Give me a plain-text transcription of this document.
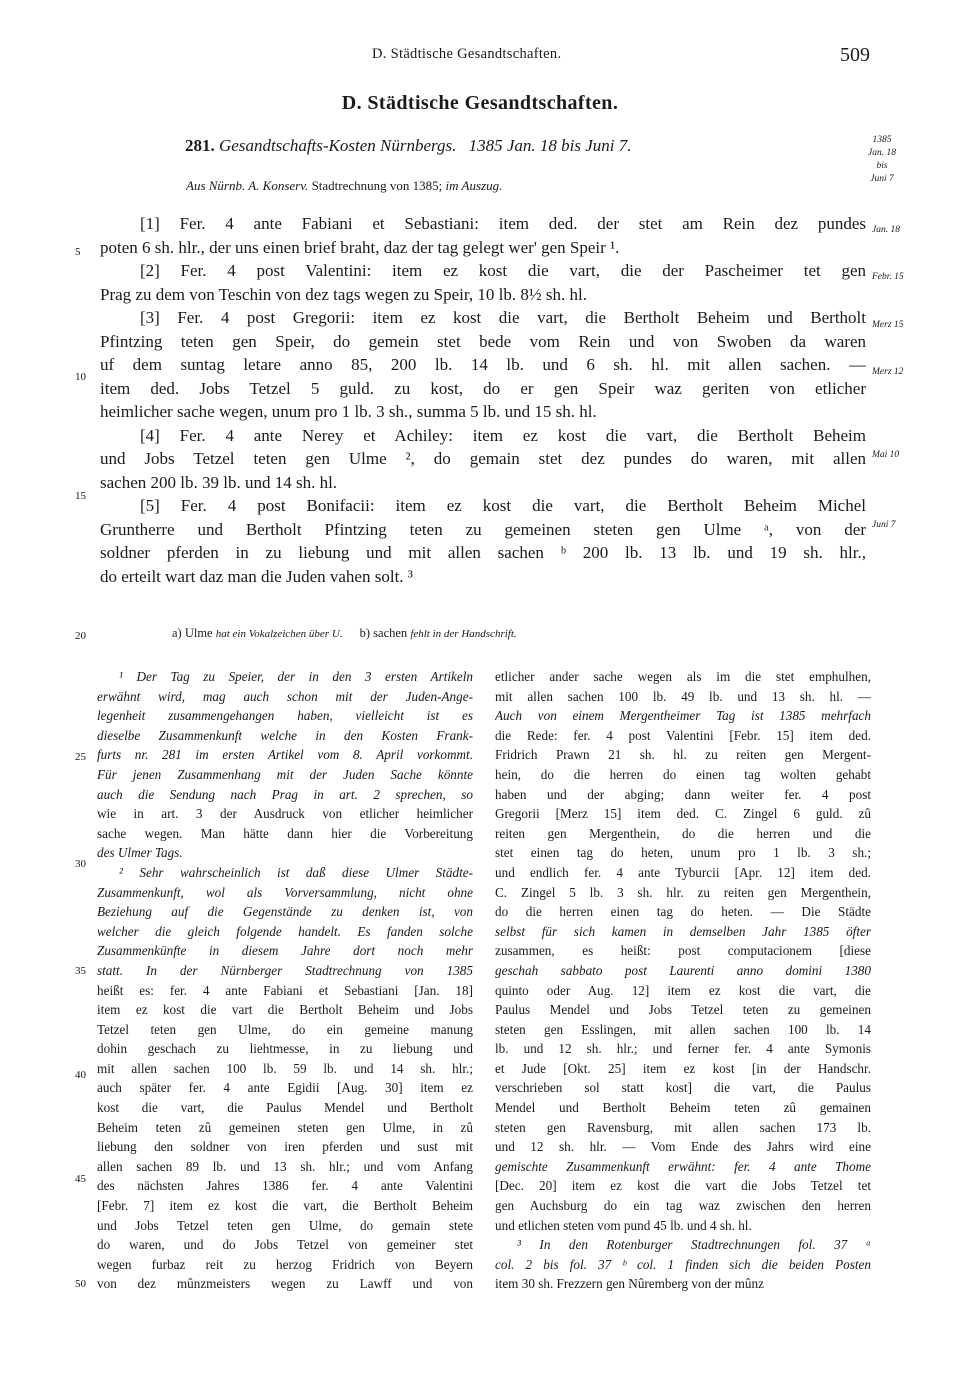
D. Städtische Gesandtschaften.	509
D. Städtische Gesandtschaften.
281. Gesandtschafts-Kosten Nürnbergs. 1385 Jan. 18 bis Juni 7.
Aus Nürnb. A. Konserv. Stadtrechnung von 1385; im Auszug.
1385
Jan. 18
bis
Juni 7
Jan. 18
Febr. 15
Merz 15
Merz 12
Mai 10
Juni 7
5
10
15
20
25
30
35
40
45
50
[1] Fer. 4 ante Fabiani et Sebastiani: item ded. der stet am Rein dez pundes
poten 6 sh. hlr., der uns einen brief braht, daz der tag gelegt wer' gen Speir ¹.
[2] Fer. 4 post Valentini: item ez kost die vart, die der Pascheimer tet gen
Prag zu dem von Teschin von dez tags wegen zu Speir, 10 lb. 8½ sh. hl.
[3] Fer. 4 post Gregorii: item ez kost die vart, die Bertholt Beheim und Bertholt
Pfintzing teten gen Speir, do gemein stet bede vom Rein und von Swoben da waren
uf dem suntag letare anno 85, 200 lb. 14 lb. und 6 sh. hl. mit allen sachen. —
item ded. Jobs Tetzel 5 guld. zu kost, do er gen Speir waz geriten von etlicher
heimlicher sache wegen, unum pro 1 lb. 3 sh., summa 5 lb. und 15 sh. hl.
[4] Fer. 4 ante Nerey et Achiley: item ez kost die vart, die Bertholt Beheim
und Jobs Tetzel teten gen Ulme ², do gemain stet dez pundes do waren, mit allen
sachen 200 lb. 39 lb. und 14 sh. hl.
[5] Fer. 4 post Bonifacii: item ez kost die vart, die Bertholt Beheim Michel
Gruntherre und Bertholt Pfintzing teten zu gemeinen steten gen Ulme ᵃ, von der
soldner pferden in zu liebung und mit allen sachen ᵇ 200 lb. 13 lb. und 19 sh. hlr.,
do erteilt wart daz man die Juden vahen solt. ³
a) Ulme hat ein Vokalzeichen über U. b) sachen fehlt in der Handschrift.
¹ Der Tag zu Speier, der in den 3 ersten Artikeln
erwähnt wird, mag auch schon mit der Juden-Ange-
legenheit zusammengehangen haben, vielleicht ist es
dieselbe Zusammenkunft welche in den Kosten Frank-
furts nr. 281 im ersten Artikel vom 8. April vorkommt.
Für jenen Zusammenhang mit der Juden Sache könnte
auch die Sendung nach Prag in art. 2 sprechen, so
wie in art. 3 der Ausdruck von etlicher heimlicher
sache wegen. Man hätte dann hier die Vorbereitung
des Ulmer Tags.
² Sehr wahrscheinlich ist daß diese Ulmer Städte-
Zusammenkunft, wol als Vorversammlung, nicht ohne
Beziehung auf die Gegenstände zu denken ist, von
welcher die gleich folgende handelt. Es fanden solche
Zusammenkünfte in diesem Jahre dort noch mehr
statt. In der Nürnberger Stadtrechnung von 1385
heißt es: fer. 4 ante Fabiani et Sebastiani [Jan. 18]
item ez kost die vart die Bertholt Beheim und Jobs
Tetzel teten gen Ulme, do ein gemeine manung
dohin geschach zu liehtmesse, in zu liebung und
mit allen sachen 100 lb. 59 lb. und 14 sh. hlr.;
auch später fer. 4 ante Egidii [Aug. 30] item ez
kost die vart, die Paulus Mendel und Bertholt
Beheim teten zû gemeinen steten gen Ulme, in zû
liebung den soldner von iren pferden und sust mit
allen sachen 89 lb. und 13 sh. hlr.; und vom Anfang
des nächsten Jahres 1386 fer. 4 ante Valentini
[Febr. 7] item ez kost die vart, die Bertholt Beheim
und Jobs Tetzel teten gen Ulme, do gemain stete
do waren, und do Jobs Tetzel von gemeiner stet
wegen furbaz reit zu herzog Fridrich von Beyern
von dez mûnzmeisters wegen zu Lawff und von
etlicher ander sache wegen als im die stet emphulhen,
mit allen sachen 100 lb. 49 lb. und 13 sh. hl. —
Auch von einem Mergentheimer Tag ist 1385 mehrfach
die Rede: fer. 4 post Valentini [Febr. 15] item ded.
Fridrich Prawn 21 sh. hl. zu reiten gen Mergent-
hein, do die herren do einen tag wolten gehabt
haben und der abging; dann weiter fer. 4 post
Gregorii [Merz 15] item ded. C. Zingel 6 guld. zû
reiten gen Mergenthein, do die herren und die
stet einen tag do heten, unum pro 1 lb. 3 sh.;
und endlich fer. 4 ante Tyburcii [Apr. 12] item ded.
C. Zingel 5 lb. 3 sh. hlr. zu reiten gen Mergenthein,
do die herren einen tag do heten. — Die Städte
selbst für sich kamen in demselben Jahr 1385 öfter
zusammen, es heißt: post computacionem [diese
geschah sabbato post Laurenti anno domini 1380
quinto oder Aug. 12] item ez kost die vart, die
Paulus Mendel und Jobs Tetzel teten zu gemeinen
steten gen Esslingen, mit allen sachen 100 lb. 14
lb. und 12 sh. hlr.; und ferner fer. 4 ante Symonis
et Jude [Okt. 25] item ez kost [in der Handschr.
verschrieben sol statt kost] die vart, die Paulus
Mendel und Bertholt Beheim teten zû gemainen
steten gen Ravensburg, mit allen sachen 173 lb.
und 12 sh. hlr. — Vom Ende des Jahrs wird eine
gemischte Zusammenkunft erwähnt: fer. 4 ante Thome
[Dec. 20] item ez kost die vart die Jobs Tetzel tet
gen Auchsburg do ein tag waz zwischen den herren
und etlichen steten vom pund 45 lb. und 4 sh. hl.
³ In den Rotenburger Stadtrechnungen fol. 37 ᵃ
col. 2 bis fol. 37 ᵇ col. 1 finden sich die beiden Posten
item 30 sh. Frezzern gen Nûremberg von der mûnz
